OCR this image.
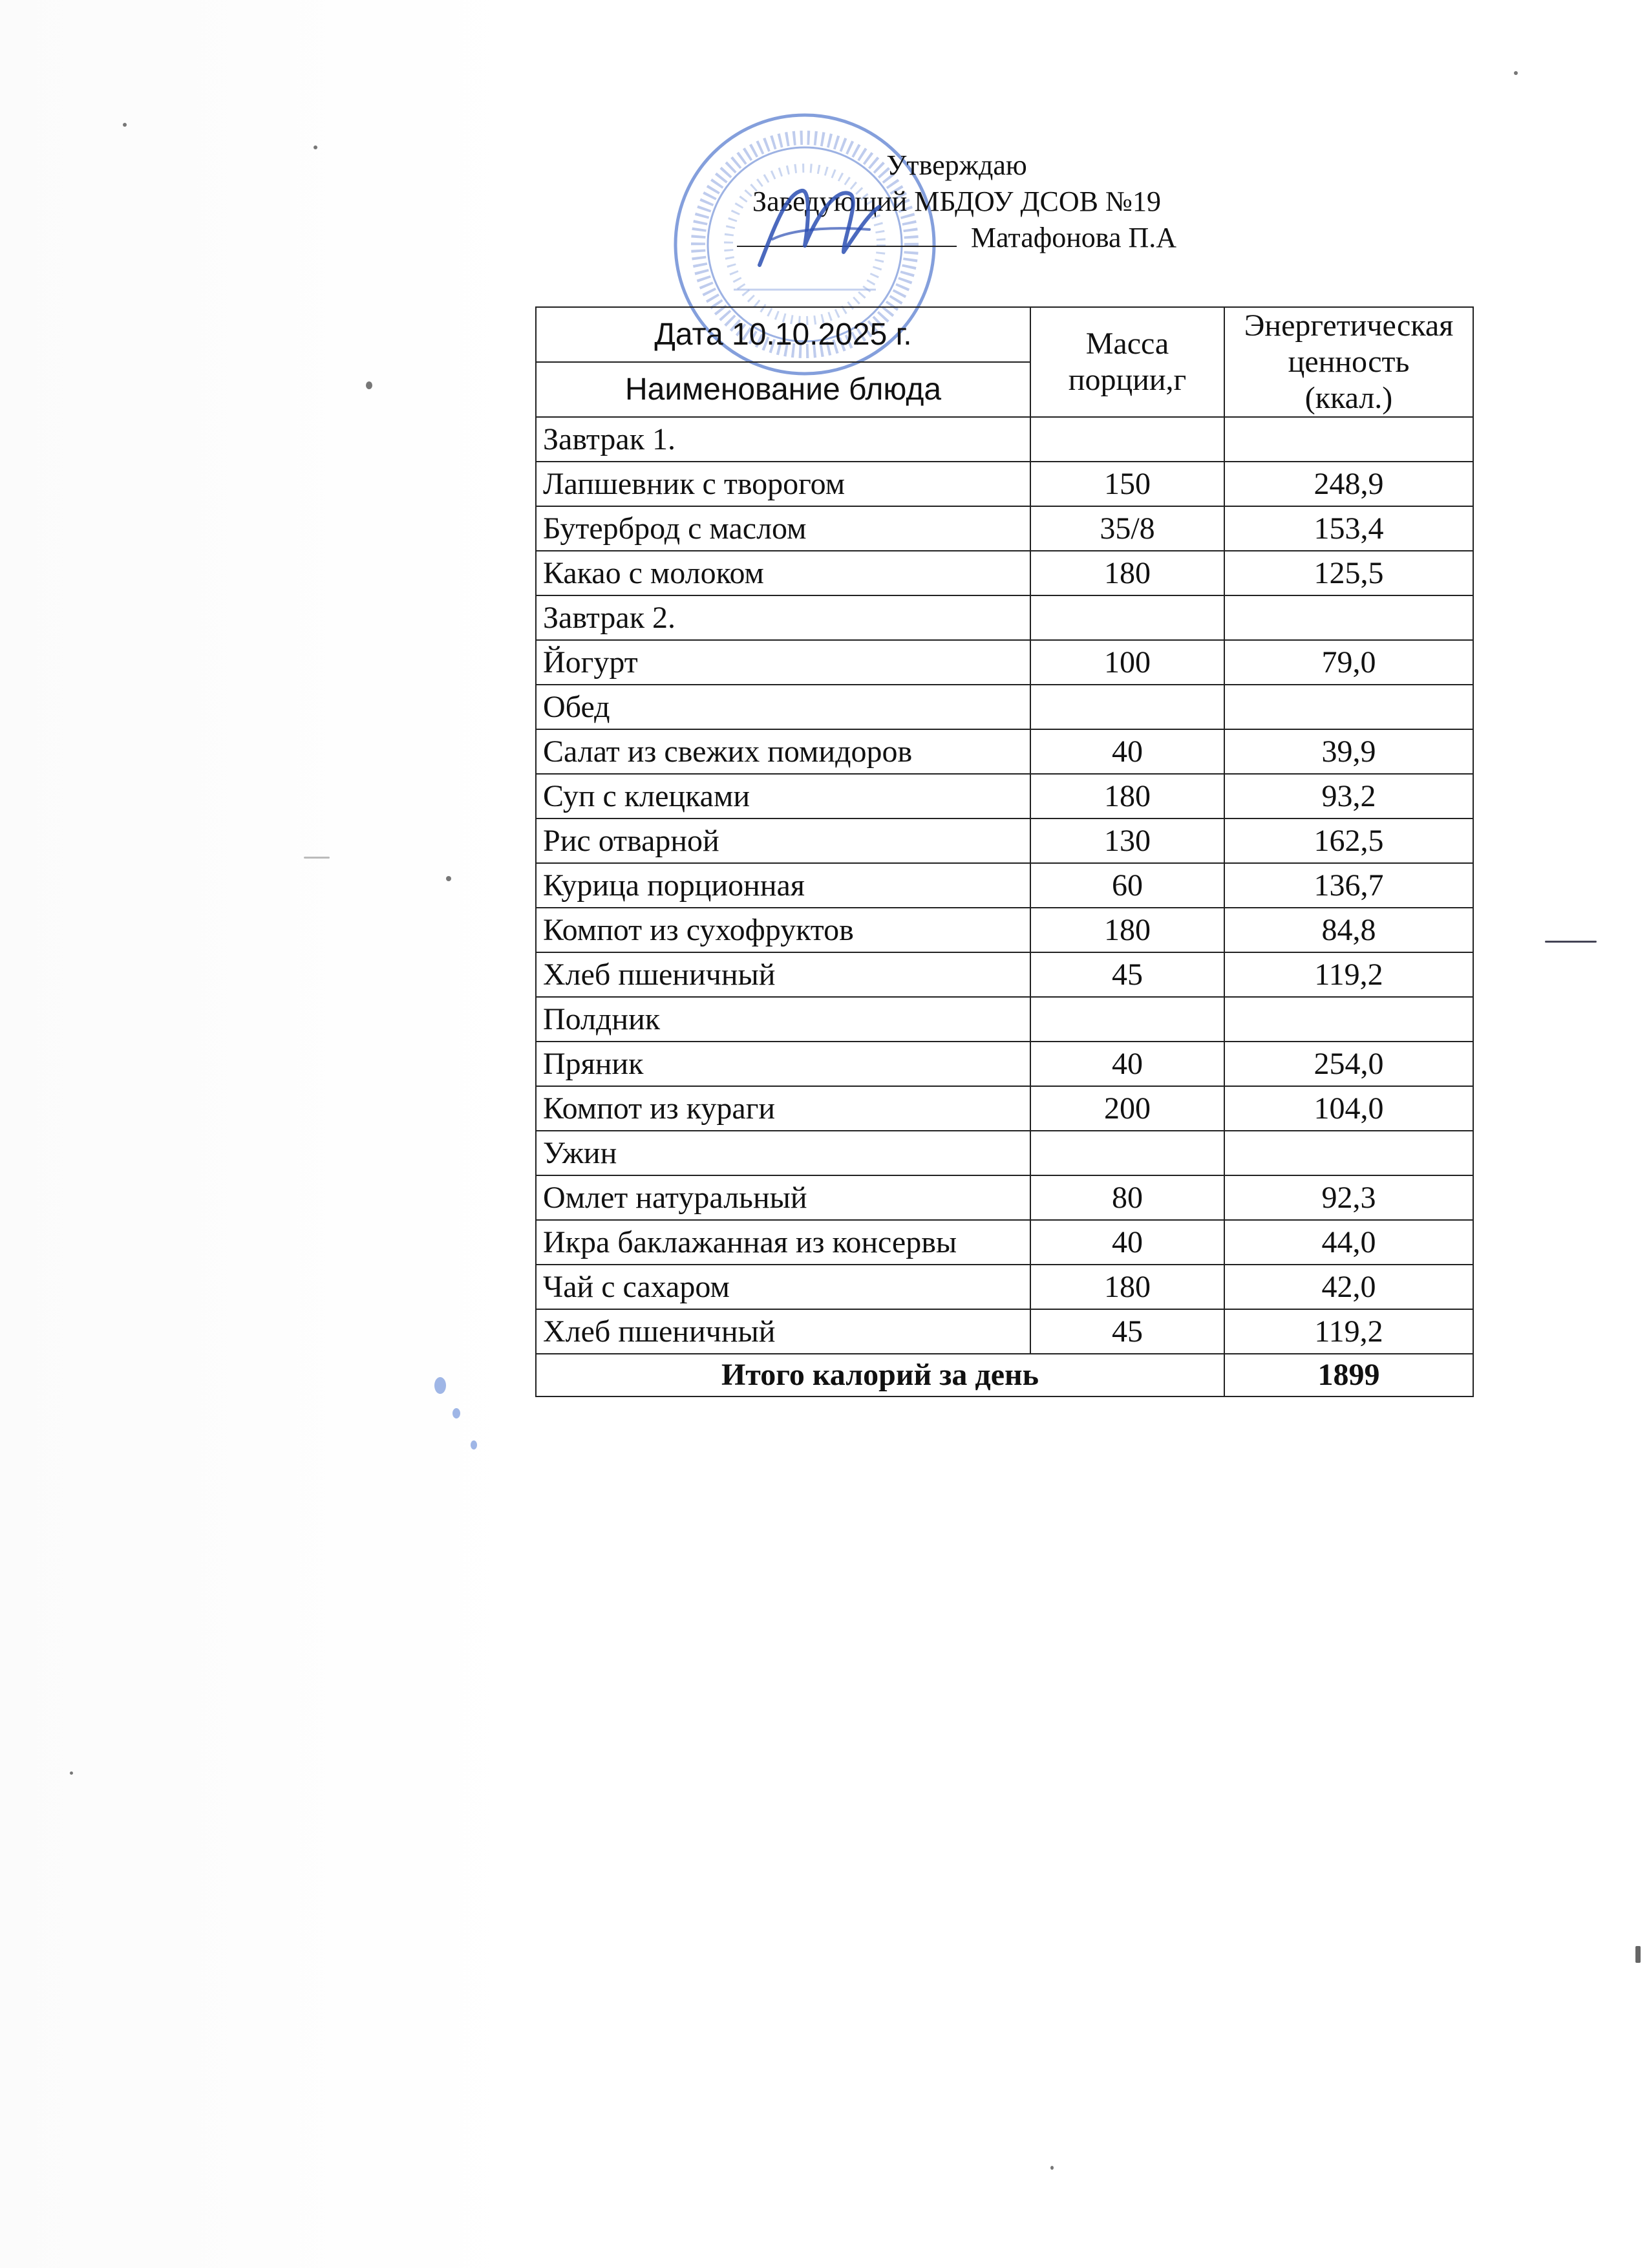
Утверждаю
Заведующий МБДОУ ДСОВ №19
Матафонова П.А
Дата 10.10.2025 г.	Масса порции,г	Энергетическая
ценность
(ккал.)
Наименование блюда		
Завтрак 1.		
Лапшевник с творогом	150	248,9
Бутерброд с маслом	35/8	153,4
Какао с молоком	180	125,5
Завтрак 2.		
Йогурт	100	79,0
Обед		
Салат из свежих помидоров	40	39,9
Суп с клецками	180	93,2
Рис отварной	130	162,5
Курица порционная	60	136,7
Компот из сухофруктов	180	84,8
Хлеб пшеничный	45	119,2
Полдник		
Пряник	40	254,0
Компот из кураги	200	104,0
Ужин		
Омлет натуральный	80	92,3
Икра баклажанная из консервы	40	44,0
Чай с сахаром	180	42,0
Хлеб пшеничный	45	119,2
Итого калорий за день		1899
